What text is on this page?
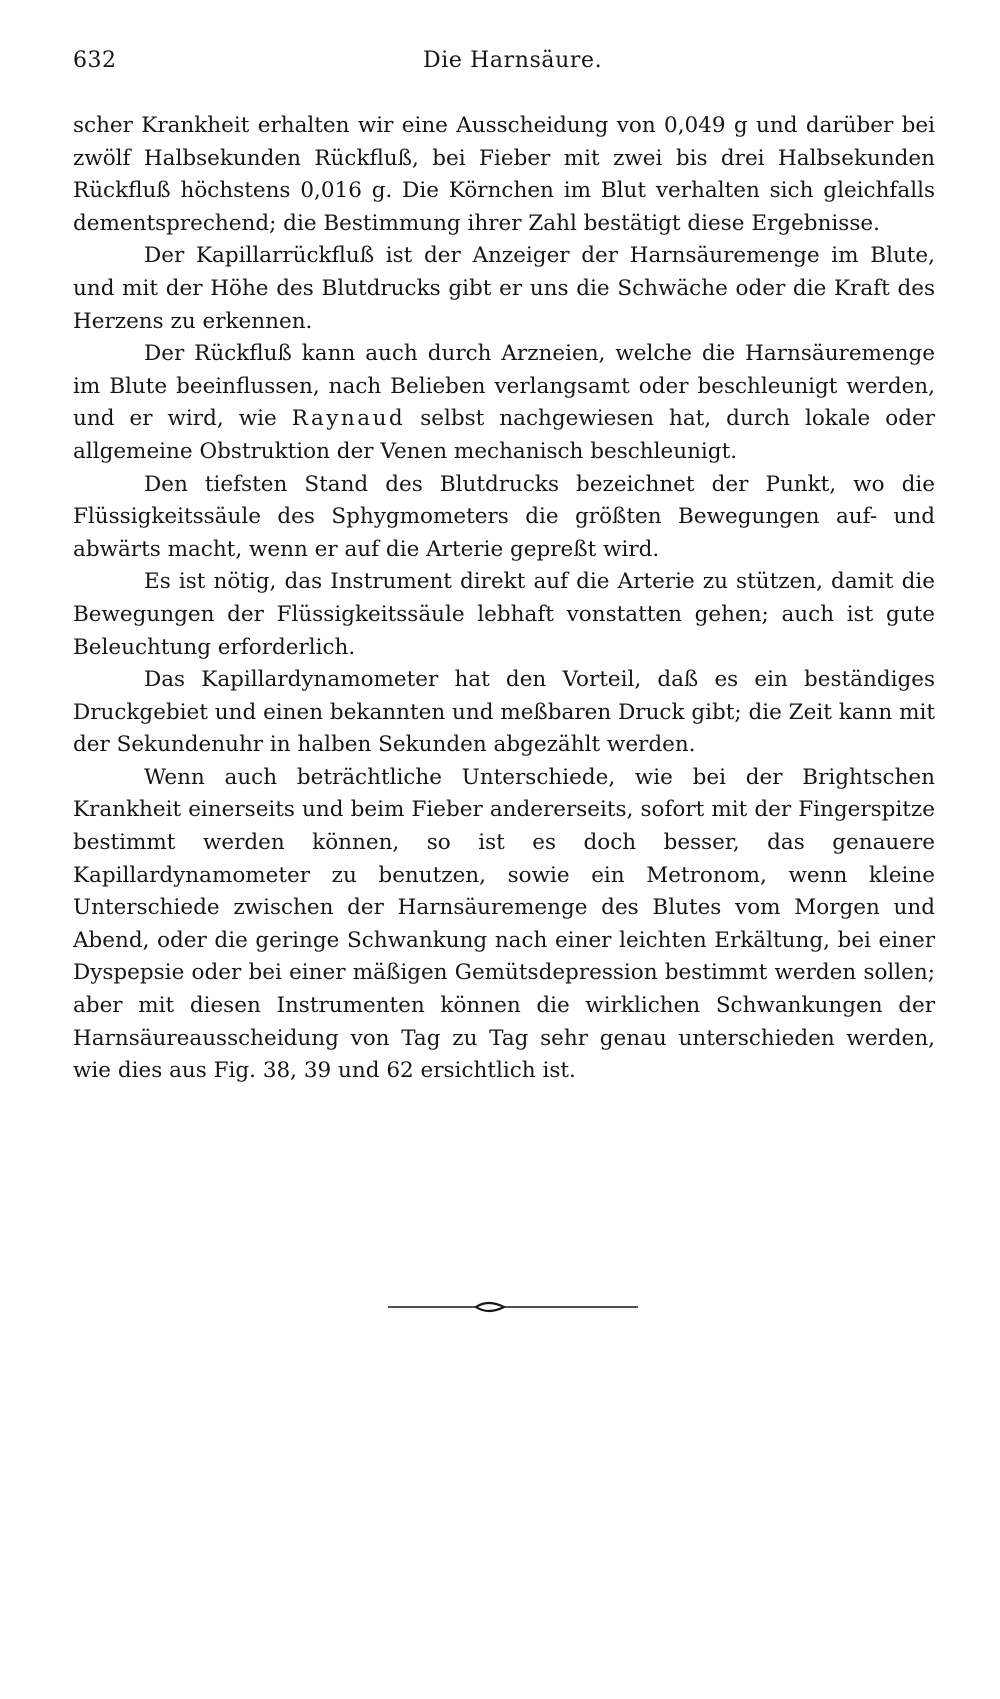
632	Die Harnsäure.

scher Krankheit erhalten wir eine Ausscheidung von 0,049 g und darüber bei zwölf Halbsekunden Rückfluß, bei Fieber mit zwei bis drei Halbsekunden Rückfluß höchstens 0,016 g. Die Körnchen im Blut verhalten sich gleichfalls dementsprechend; die Bestimmung ihrer Zahl bestätigt diese Ergebnisse.

Der Kapillarrückfluß ist der Anzeiger der Harnsäuremenge im Blute, und mit der Höhe des Blutdrucks gibt er uns die Schwäche oder die Kraft des Herzens zu erkennen.

Der Rückfluß kann auch durch Arzneien, welche die Harnsäuremenge im Blute beeinflussen, nach Belieben verlangsamt oder beschleunigt werden, und er wird, wie Raynaud selbst nachgewiesen hat, durch lokale oder allgemeine Obstruktion der Venen mechanisch beschleunigt.

Den tiefsten Stand des Blutdrucks bezeichnet der Punkt, wo die Flüssigkeitssäule des Sphygmometers die größten Bewegungen auf- und abwärts macht, wenn er auf die Arterie gepreßt wird.

Es ist nötig, das Instrument direkt auf die Arterie zu stützen, damit die Bewegungen der Flüssigkeitssäule lebhaft vonstatten gehen; auch ist gute Beleuchtung erforderlich.

Das Kapillardynamometer hat den Vorteil, daß es ein beständiges Druckgebiet und einen bekannten und meßbaren Druck gibt; die Zeit kann mit der Sekundenuhr in halben Sekunden abgezählt werden.

Wenn auch beträchtliche Unterschiede, wie bei der Brightschen Krankheit einerseits und beim Fieber andererseits, sofort mit der Fingerspitze bestimmt werden können, so ist es doch besser, das genauere Kapillardynamometer zu benutzen, sowie ein Metronom, wenn kleine Unterschiede zwischen der Harnsäuremenge des Blutes vom Morgen und Abend, oder die geringe Schwankung nach einer leichten Erkältung, bei einer Dyspepsie oder bei einer mäßigen Gemütsdepression bestimmt werden sollen; aber mit diesen Instrumenten können die wirklichen Schwankungen der Harnsäureausscheidung von Tag zu Tag sehr genau unterschieden werden, wie dies aus Fig. 38, 39 und 62 ersichtlich ist.
